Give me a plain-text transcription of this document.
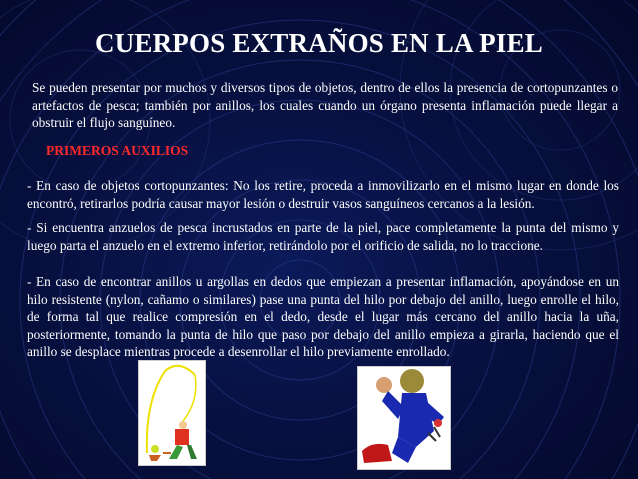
CUERPOS EXTRAÑOS EN LA PIEL

Se pueden presentar por muchos y diversos tipos de objetos, dentro de ellos la presencia de cortopunzantes o artefactos de pesca; también por anillos, los cuales cuando un órgano presenta inflamación puede llegar a obstruir el flujo sanguíneo.

PRIMEROS AUXILIOS

- En caso de objetos cortopunzantes: No los retire, proceda a inmovilizarlo en el mismo lugar en donde los encontró, retirarlos podría causar mayor lesión o destruir vasos sanguíneos cercanos a la lesión.

- Si encuentra anzuelos de pesca incrustados en parte de la piel, pace completamente la punta del mismo y luego parta el anzuelo en el extremo inferior, retirándolo por el orificio de salida, no lo traccione.

- En caso de encontrar anillos u argollas en dedos que empiezan a presentar inflamación, apoyándose en un hilo resistente (nylon, cañamo o similares) pase una punta del hilo por debajo del anillo, luego enrolle el hilo, de forma tal que realice compresión en el dedo, desde el lugar más cercano del anillo hacia la uña, posteriormente, tomando la punta de hilo que paso por debajo del anillo empieza a girarla, haciendo que el anillo se desplace mientras procede a desenrollar el hilo previamente enrollado.
